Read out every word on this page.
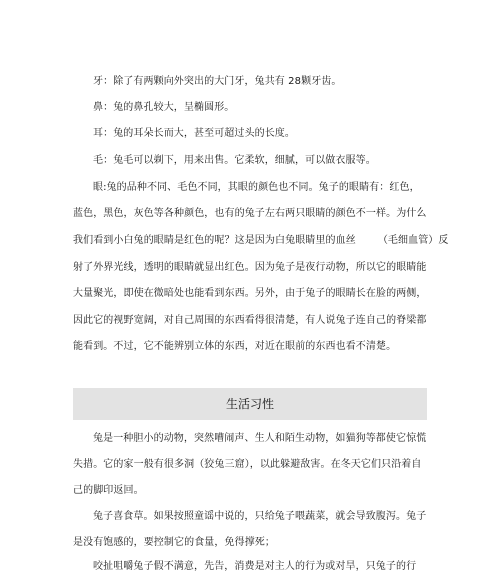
牙：除了有两颗向外突出的大门牙，兔共有 28颗牙齿。
鼻：兔的鼻孔较大，呈椭圆形。
耳：兔的耳朵长而大，甚至可超过头的长度。
毛：兔毛可以剃下，用来出售。它柔软，细腻，可以做衣服等。
眼:兔的品种不同、毛色不同，其眼的颜色也不同。兔子的眼睛有：红色，
蓝色，黑色，灰色等各种颜色，也有的兔子左右两只眼睛的颜色不一样。为什么
我们看到小白兔的眼睛是红色的呢？这是因为白兔眼睛里的血丝 （毛细血管）反
射了外界光线，透明的眼睛就显出红色。因为兔子是夜行动物，所以它的眼睛能
大量聚光，即使在微暗处也能看到东西。另外，由于兔子的眼睛长在脸的两侧，
因此它的视野宽阔，对自己周围的东西看得很清楚，有人说兔子连自己的脊梁都
能看到。不过，它不能辨别立体的东西，对近在眼前的东西也看不清楚。
生活习性
兔是一种胆小的动物，突然嘈闹声、生人和陌生动物，如猫狗等都使它惊慌
失措。它的家一般有很多洞（狡兔三窟），以此躲避敌害。在冬天它们只沿着自
己的脚印返回。
兔子喜食草。如果按照童谣中说的，只给兔子喂蔬菜，就会导致腹泻。兔子
是没有饱感的，要控制它的食量，免得撑死；
咬扯咀嚼兔子假不满意，先告，消费是对主人的行为或对旱，只兔子的行
